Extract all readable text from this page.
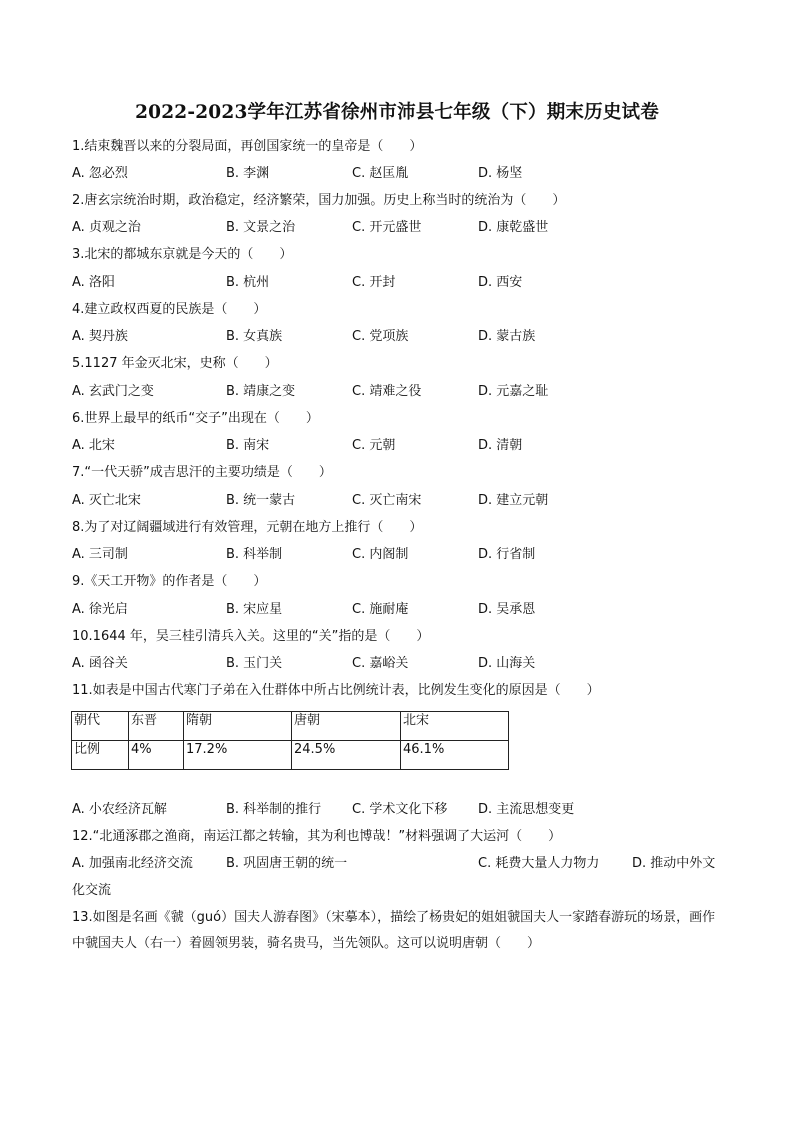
2022-2023学年江苏省徐州市沛县七年级（下）期末历史试卷
1.结束魏晋以来的分裂局面，再创国家统一的皇帝是（　　）
A. 忽必烈	B. 李渊	C. 赵匡胤	D. 杨坚
2.唐玄宗统治时期，政治稳定，经济繁荣，国力加强。历史上称当时的统治为（　　）
A. 贞观之治	B. 文景之治	C. 开元盛世	D. 康乾盛世
3.北宋的都城东京就是今天的（　　）
A. 洛阳	B. 杭州	C. 开封	D. 西安
4.建立政权西夏的民族是（　　）
A. 契丹族	B. 女真族	C. 党项族	D. 蒙古族
5.1127 年金灭北宋，史称（　　）
A. 玄武门之变	B. 靖康之变	C. 靖难之役	D. 元嘉之耻
6.世界上最早的纸币“交子”出现在（　　）
A. 北宋	B. 南宋	C. 元朝	D. 清朝
7.“一代天骄”成吉思汗的主要功绩是（　　）
A. 灭亡北宋	B. 统一蒙古	C. 灭亡南宋	D. 建立元朝
8.为了对辽阔疆域进行有效管理，元朝在地方上推行（　　）
A. 三司制	B. 科举制	C. 内阁制	D. 行省制
9.《天工开物》的作者是（　　）
A. 徐光启	B. 宋应星	C. 施耐庵	D. 吴承恩
10.1644 年，吴三桂引清兵入关。这里的“关”指的是（　　）
A. 函谷关	B. 玉门关	C. 嘉峪关	D. 山海关
11.如表是中国古代寒门子弟在入仕群体中所占比例统计表，比例发生变化的原因是（　　）
朝代	东晋	隋朝	唐朝	北宋
比例	4%	17.2%	24.5%	46.1%
A. 小农经济瓦解	B. 科举制的推行 C. 学术文化下移 D. 主流思想变更
12.“北通涿郡之渔商，南运江都之转输，其为利也博哉！”材料强调了大运河（　　）
A. 加强南北经济交流	B. 巩固唐王朝的统一	C. 耗费大量人力物力	D. 推动中外文
化交流
13.如图是名画《虢（guó）国夫人游春图》（宋摹本），描绘了杨贵妃的姐姐虢国夫人一家踏春游玩的场景，画作中虢国夫人（右一）着圆领男装，骑名贵马，当先领队。这可以说明唐朝（　　）
